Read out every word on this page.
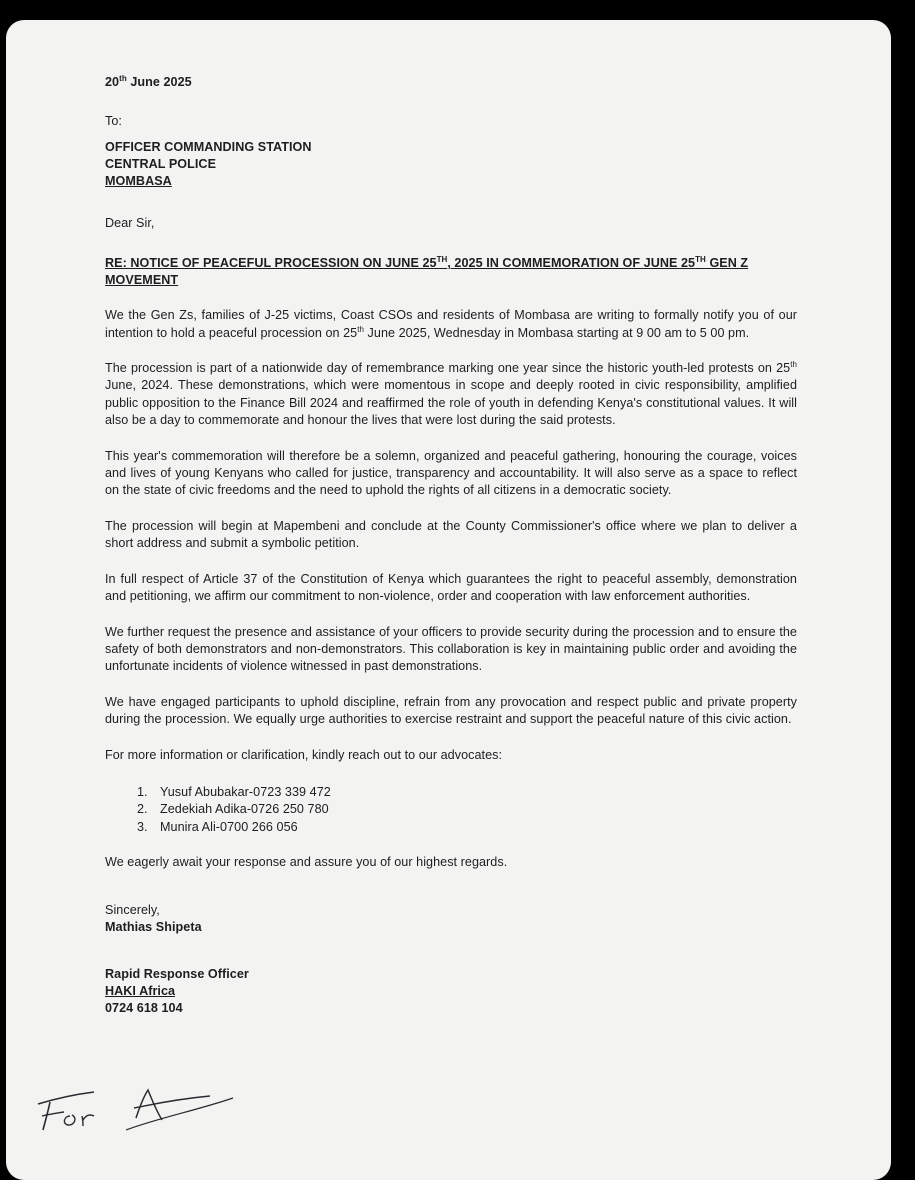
20th June 2025
To:
OFFICER COMMANDING STATION
CENTRAL POLICE
MOMBASA
Dear Sir,
RE: NOTICE OF PEACEFUL PROCESSION ON JUNE 25TH, 2025 IN COMMEMORATION OF JUNE 25TH GEN Z MOVEMENT

We the Gen Zs, families of J-25 victims, Coast CSOs and residents of Mombasa are writing to formally notify you of our intention to hold a peaceful procession on 25th June 2025, Wednesday in Mombasa starting at 9 00 am to 5 00 pm.

The procession is part of a nationwide day of remembrance marking one year since the historic youth-led protests on 25th June, 2024. These demonstrations, which were momentous in scope and deeply rooted in civic responsibility, amplified public opposition to the Finance Bill 2024 and reaffirmed the role of youth in defending Kenya's constitutional values. It will also be a day to commemorate and honour the lives that were lost during the said protests.

This year's commemoration will therefore be a solemn, organized and peaceful gathering, honouring the courage, voices and lives of young Kenyans who called for justice, transparency and accountability. It will also serve as a space to reflect on the state of civic freedoms and the need to uphold the rights of all citizens in a democratic society.

The procession will begin at Mapembeni and conclude at the County Commissioner's office where we plan to deliver a short address and submit a symbolic petition.

In full respect of Article 37 of the Constitution of Kenya which guarantees the right to peaceful assembly, demonstration and petitioning, we affirm our commitment to non-violence, order and cooperation with law enforcement authorities.

We further request the presence and assistance of your officers to provide security during the procession and to ensure the safety of both demonstrators and non-demonstrators. This collaboration is key in maintaining public order and avoiding the unfortunate incidents of violence witnessed in past demonstrations.

We have engaged participants to uphold discipline, refrain from any provocation and respect public and private property during the procession. We equally urge authorities to exercise restraint and support the peaceful nature of this civic action.

For more information or clarification, kindly reach out to our advocates:

1. Yusuf Abubakar-0723 339 472
2. Zedekiah Adika-0726 250 780
3. Munira Ali-0700 266 056
We eagerly await your response and assure you of our highest regards.
Sincerely,
Mathias Shipeta
Rapid Response Officer
HAKI Africa
0724 618 104
